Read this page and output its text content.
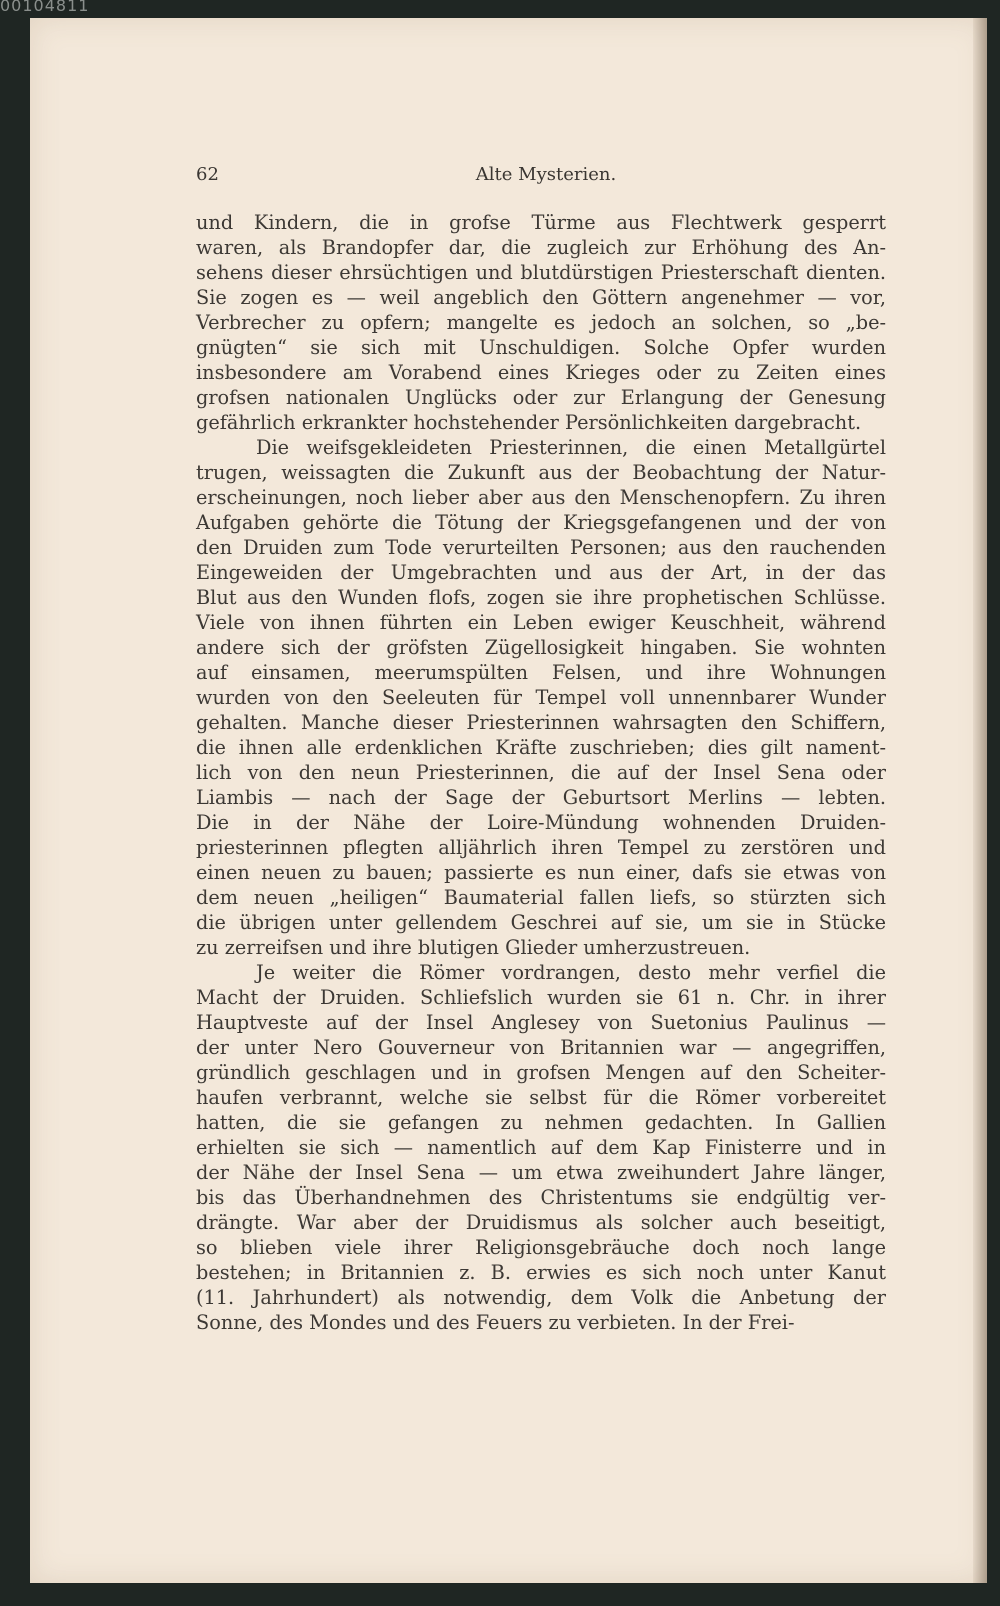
00104811
62	Alte Mysterien.
und Kindern, die in grofse Türme aus Flechtwerk gesperrt
waren, als Brandopfer dar, die zugleich zur Erhöhung des An-
sehens dieser ehrsüchtigen und blutdürstigen Priesterschaft dienten.
Sie zogen es — weil angeblich den Göttern angenehmer — vor,
Verbrecher zu opfern; mangelte es jedoch an solchen, so „be-
gnügten“ sie sich mit Unschuldigen. Solche Opfer wurden
insbesondere am Vorabend eines Krieges oder zu Zeiten eines
grofsen nationalen Unglücks oder zur Erlangung der Genesung
gefährlich erkrankter hochstehender Persönlichkeiten dargebracht.
Die weifsgekleideten Priesterinnen, die einen Metallgürtel
trugen, weissagten die Zukunft aus der Beobachtung der Natur-
erscheinungen, noch lieber aber aus den Menschenopfern. Zu ihren
Aufgaben gehörte die Tötung der Kriegsgefangenen und der von
den Druiden zum Tode verurteilten Personen; aus den rauchenden
Eingeweiden der Umgebrachten und aus der Art, in der das
Blut aus den Wunden flofs, zogen sie ihre prophetischen Schlüsse.
Viele von ihnen führten ein Leben ewiger Keuschheit, während
andere sich der gröfsten Zügellosigkeit hingaben. Sie wohnten
auf einsamen, meerumspülten Felsen, und ihre Wohnungen
wurden von den Seeleuten für Tempel voll unnennbarer Wunder
gehalten. Manche dieser Priesterinnen wahrsagten den Schiffern,
die ihnen alle erdenklichen Kräfte zuschrieben; dies gilt nament-
lich von den neun Priesterinnen, die auf der Insel Sena oder
Liambis — nach der Sage der Geburtsort Merlins — lebten.
Die in der Nähe der Loire-Mündung wohnenden Druiden-
priesterinnen pflegten alljährlich ihren Tempel zu zerstören und
einen neuen zu bauen; passierte es nun einer, dafs sie etwas von
dem neuen „heiligen“ Baumaterial fallen liefs, so stürzten sich
die übrigen unter gellendem Geschrei auf sie, um sie in Stücke
zu zerreifsen und ihre blutigen Glieder umherzustreuen.
Je weiter die Römer vordrangen, desto mehr verfiel die
Macht der Druiden. Schliefslich wurden sie 61 n. Chr. in ihrer
Hauptveste auf der Insel Anglesey von Suetonius Paulinus —
der unter Nero Gouverneur von Britannien war — angegriffen,
gründlich geschlagen und in grofsen Mengen auf den Scheiter-
haufen verbrannt, welche sie selbst für die Römer vorbereitet
hatten, die sie gefangen zu nehmen gedachten. In Gallien
erhielten sie sich — namentlich auf dem Kap Finisterre und in
der Nähe der Insel Sena — um etwa zweihundert Jahre länger,
bis das Überhandnehmen des Christentums sie endgültig ver-
drängte. War aber der Druidismus als solcher auch beseitigt,
so blieben viele ihrer Religionsgebräuche doch noch lange
bestehen; in Britannien z. B. erwies es sich noch unter Kanut
(11. Jahrhundert) als notwendig, dem Volk die Anbetung der
Sonne, des Mondes und des Feuers zu verbieten. In der Frei-
